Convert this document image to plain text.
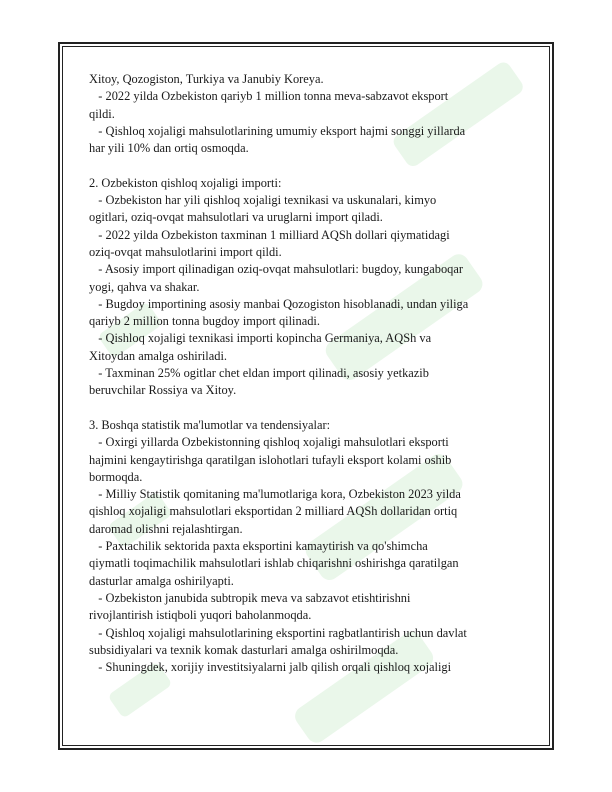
Xitoy, Qozogiston, Turkiya va Janubiy Koreya.
- 2022 yilda Ozbekiston qariyb 1 million tonna meva-sabzavot eksport
qildi.
- Qishloq xojaligi mahsulotlarining umumiy eksport hajmi songgi yillarda
har yili 10% dan ortiq osmoqda.
2. Ozbekiston qishloq xojaligi importi:
- Ozbekiston har yili qishloq xojaligi texnikasi va uskunalari, kimyo
ogitlari, oziq-ovqat mahsulotlari va uruglarni import qiladi.
- 2022 yilda Ozbekiston taxminan 1 milliard AQSh dollari qiymatidagi
oziq-ovqat mahsulotlarini import qildi.
- Asosiy import qilinadigan oziq-ovqat mahsulotlari: bugdoy, kungaboqar
yogi, qahva va shakar.
- Bugdoy importining asosiy manbai Qozogiston hisoblanadi, undan yiliga
qariyb 2 million tonna bugdoy import qilinadi.
- Qishloq xojaligi texnikasi importi kopincha Germaniya, AQSh va
Xitoydan amalga oshiriladi.
- Taxminan 25% ogitlar chet eldan import qilinadi, asosiy yetkazib
beruvchilar Rossiya va Xitoy.
3. Boshqa statistik ma'lumotlar va tendensiyalar:
- Oxirgi yillarda Ozbekistonning qishloq xojaligi mahsulotlari eksporti
hajmini kengaytirishga qaratilgan islohotlari tufayli eksport kolami oshib
bormoqda.
- Milliy Statistik qomitaning ma'lumotlariga kora, Ozbekiston 2023 yilda
qishloq xojaligi mahsulotlari eksportidan 2 milliard AQSh dollaridan ortiq
daromad olishni rejalashtirgan.
- Paxtachilik sektorida paxta eksportini kamaytirish va qo'shimcha
qiymatli toqimachilik mahsulotlari ishlab chiqarishni oshirishga qaratilgan
dasturlar amalga oshirilyapti.
- Ozbekiston janubida subtropik meva va sabzavot etishtirishni
rivojlantirish istiqboli yuqori baholanmoqda.
- Qishloq xojaligi mahsulotlarining eksportini ragbatlantirish uchun davlat
subsidiyalari va texnik komak dasturlari amalga oshirilmoqda.
- Shuningdek, xorijiy investitsiyalarni jalb qilish orqali qishloq xojaligi
